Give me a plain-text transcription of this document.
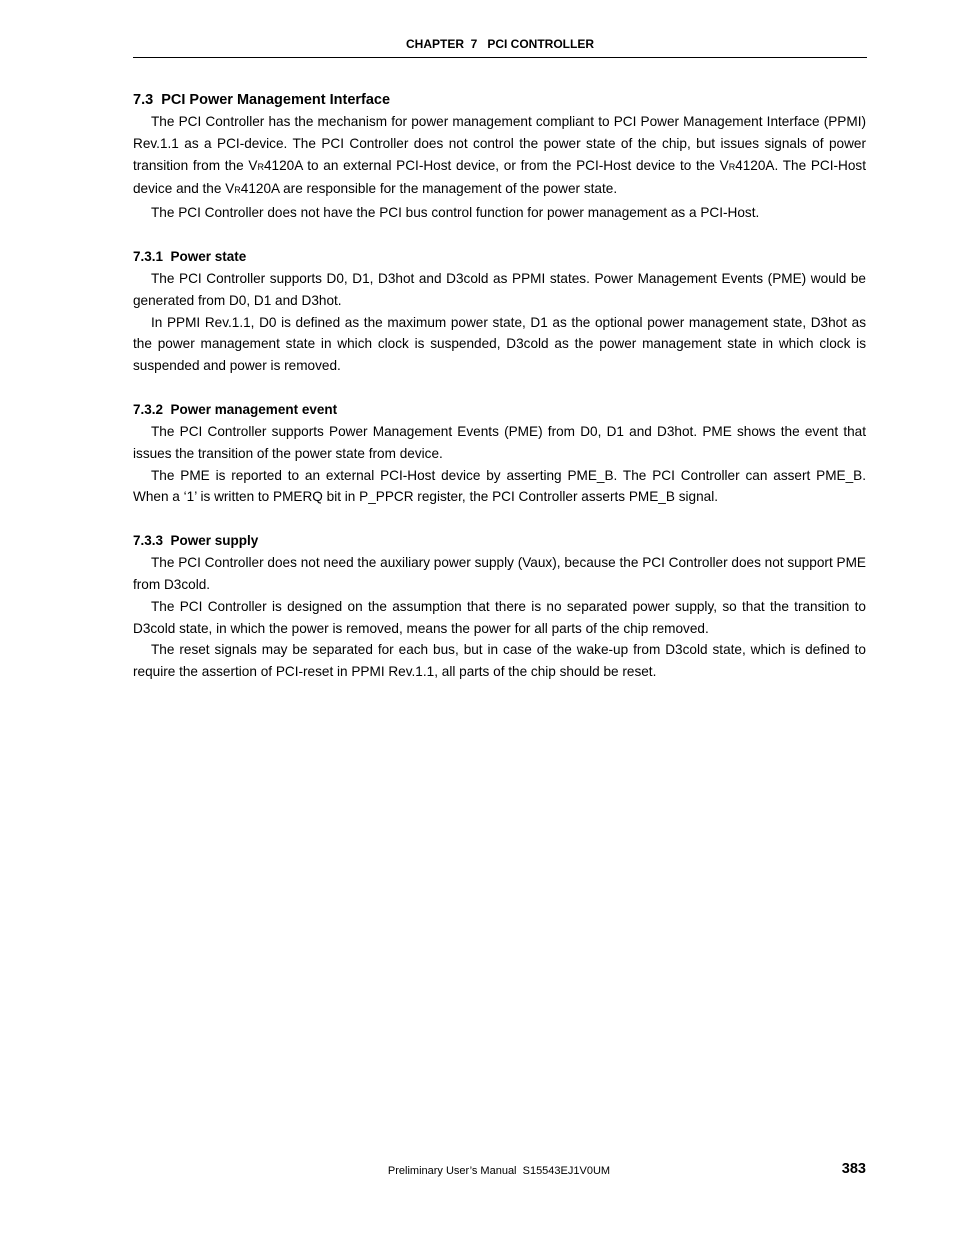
CHAPTER  7   PCI CONTROLLER
7.3  PCI Power Management Interface

The PCI Controller has the mechanism for power management compliant to PCI Power Management Interface (PPMI) Rev.1.1 as a PCI-device. The PCI Controller does not control the power state of the chip, but issues signals of power transition from the VR4120A to an external PCI-Host device, or from the PCI-Host device to the VR4120A. The PCI-Host device and the VR4120A are responsible for the management of the power state.

The PCI Controller does not have the PCI bus control function for power management as a PCI-Host.

7.3.1  Power state

The PCI Controller supports D0, D1, D3hot and D3cold as PPMI states. Power Management Events (PME) would be generated from D0, D1 and D3hot.

In PPMI Rev.1.1, D0 is defined as the maximum power state, D1 as the optional power management state, D3hot as the power management state in which clock is suspended, D3cold as the power management state in which clock is suspended and power is removed.

7.3.2  Power management event

The PCI Controller supports Power Management Events (PME) from D0, D1 and D3hot. PME shows the event that issues the transition of the power state from device.

The PME is reported to an external PCI-Host device by asserting PME_B. The PCI Controller can assert PME_B. When a ‘1’ is written to PMERQ bit in P_PPCR register, the PCI Controller asserts PME_B signal.

7.3.3  Power supply

The PCI Controller does not need the auxiliary power supply (Vaux), because the PCI Controller does not support PME from D3cold.

The PCI Controller is designed on the assumption that there is no separated power supply, so that the transition to D3cold state, in which the power is removed, means the power for all parts of the chip removed.

The reset signals may be separated for each bus, but in case of the wake-up from D3cold state, which is defined to require the assertion of PCI-reset in PPMI Rev.1.1, all parts of the chip should be reset.

Preliminary User’s Manual  S15543EJ1V0UM	383
